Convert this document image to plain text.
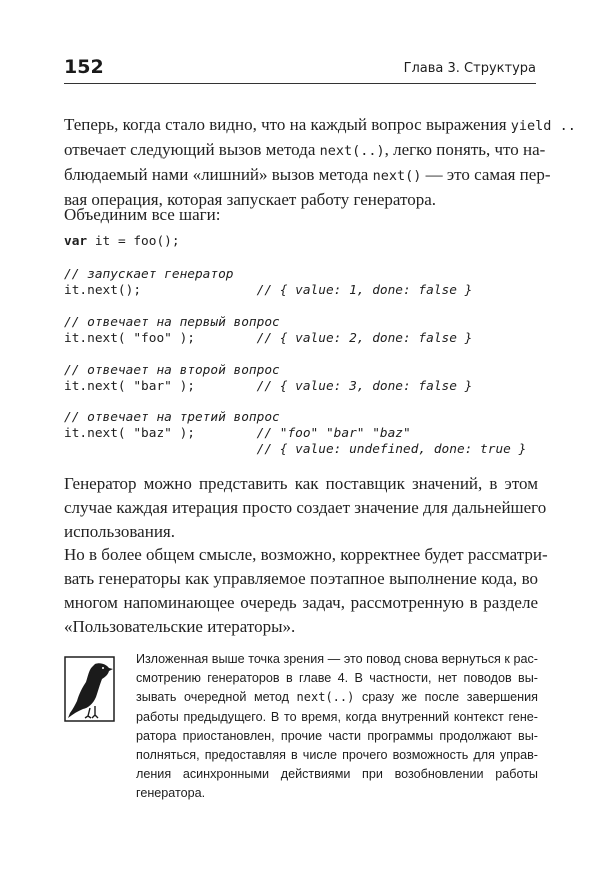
152	Глава 3. Структура
Теперь, когда стало видно, что на каждый вопрос выражения yield ..
отвечает следующий вызов метода next(..), легко понять, что на-
блюдаемый нами «лишний» вызов метода next() — это самая пер-
вая операция, которая запускает работу генератора.
Объединим все шаги:
var it = foo();
// запускает генератор
it.next();               // { value: 1, done: false }
// отвечает на первый вопрос
it.next( "foo" );        // { value: 2, done: false }
// отвечает на второй вопрос
it.next( "bar" );        // { value: 3, done: false }
// отвечает на третий вопрос
it.next( "baz" );        // "foo" "bar" "baz"
// { value: undefined, done: true }
Генератор можно представить как поставщик значений, в этом
случае каждая итерация просто создает значение для дальнейшего
использования.
Но в более общем смысле, возможно, корректнее будет рассматри-
вать генераторы как управляемое поэтапное выполнение кода, во
многом напоминающее очередь задач, рассмотренную в разделе
«Пользовательские итераторы».
Изложенная выше точка зрения — это повод снова вернуться к рас-
смотрению генераторов в главе 4. В частности, нет поводов вы-
зывать очередной метод next(..) сразу же после завершения
работы предыдущего. В то время, когда внутренний контекст гене-
ратора приостановлен, прочие части программы продолжают вы-
полняться, предоставляя в числе прочего возможность для управ-
ления асинхронными действиями при возобновлении работы
генератора.
